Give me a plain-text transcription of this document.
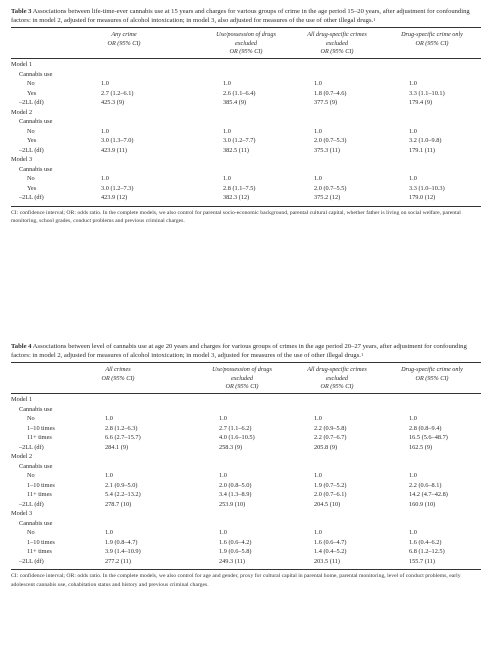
Table 3 Associations between life-time-ever cannabis use at 15 years and charges for various groups of crime in the age period 15–20 years, after adjustment for confounding factors: in model 2, adjusted for measures of alcohol intoxication; in model 3, also adjusted for measures of the use of other illegal drugs.$^1$
Any crime
OR (95% CI)
Use/possession of drugs excluded
OR (95% CI)
All drug-specific crimes excluded
OR (95% CI)
Drug-specific crime only
OR (95% CI)
Model 1
Cannabis use
No	1.0	1.0	1.0	1.0
Yes	2.7 (1.2–6.1)	2.6 (1.1–6.4)	1.8 (0.7–4.6)	3.3 (1.1–10.1)
–2LL (df)	425.3 (9)	385.4 (9)	377.5 (9)	179.4 (9)
Model 2
Cannabis use
No	1.0	1.0	1.0	1.0
Yes	3.0 (1.3–7.0)	3.0 (1.2–7.7)	2.0 (0.7–5.3)	3.2 (1.0–9.8)
–2LL (df)	423.9 (11)	382.5 (11)	375.3 (11)	179.1 (11)
Model 3
Cannabis use
No	1.0	1.0	1.0	1.0
Yes	3.0 (1.2–7.3)	2.8 (1.1–7.5)	2.0 (0.7–5.5)	3.3 (1.0–10.3)
–2LL (df)	423.9 (12)	382.3 (12)	375.2 (12)	179.0 (12)
CI: confidence interval; OR: odds ratio. In the complete models, we also control for parental socio-economic background, parental cultural capital, whether father is living on social welfare, parental monitoring, school grades, conduct problems and previous criminal charges.
Table 4 Associations between level of cannabis use at age 20 years and charges for various groups of crimes in the age period 20–27 years, after adjustment for confounding factors: in model 2, adjusted for measures of alcohol intoxication; in model 3, adjusted for measures of the use of other illegal drugs.$^1$
All crimes
OR (95% CI)
Use/possession of drugs excluded
OR (95% CI)
All drug-specific crimes excluded
OR (95% CI)
Drug-specific crime only
OR (95% CI)
Model 1
Cannabis use
No	1.0	1.0	1.0	1.0
1–10 times	2.8 (1.2–6.3)	2.7 (1.1–6.2)	2.2 (0.9–5.8)	2.8 (0.8–9.4)
11+ times	6.6 (2.7–15.7)	4.0 (1.6–10.5)	2.2 (0.7–6.7)	16.5 (5.6–48.7)
–2LL (df)	284.1 (9)	258.3 (9)	205.8 (9)	162.5 (9)
Model 2
Cannabis use
No	1.0	1.0	1.0	1.0
1–10 times	2.1 (0.9–5.0)	2.0 (0.8–5.0)	1.9 (0.7–5.2)	2.2 (0.6–8.1)
11+ times	5.4 (2.2–13.2)	3.4 (1.3–8.9)	2.0 (0.7–6.1)	14.2 (4.7–42.8)
–2LL (df)	278.7 (10)	253.9 (10)	204.5 (10)	160.9 (10)
Model 3
Cannabis use
No	1.0	1.0	1.0	1.0
1–10 times	1.9 (0.8–4.7)	1.6 (0.6–4.2)	1.6 (0.6–4.7)	1.6 (0.4–6.2)
11+ times	3.9 (1.4–10.9)	1.9 (0.6–5.8)	1.4 (0.4–5.2)	6.8 (1.2–12.5)
–2LL (df)	277.2 (11)	249.3 (11)	203.5 (11)	155.7 (11)
CI: confidence interval; OR: odds ratio. In the complete models, we also control for age and gender, proxy for cultural capital in parental home, parental monitoring, level of conduct problems, early adolescent cannabis use, cohabitation status and history and previous criminal charges.
